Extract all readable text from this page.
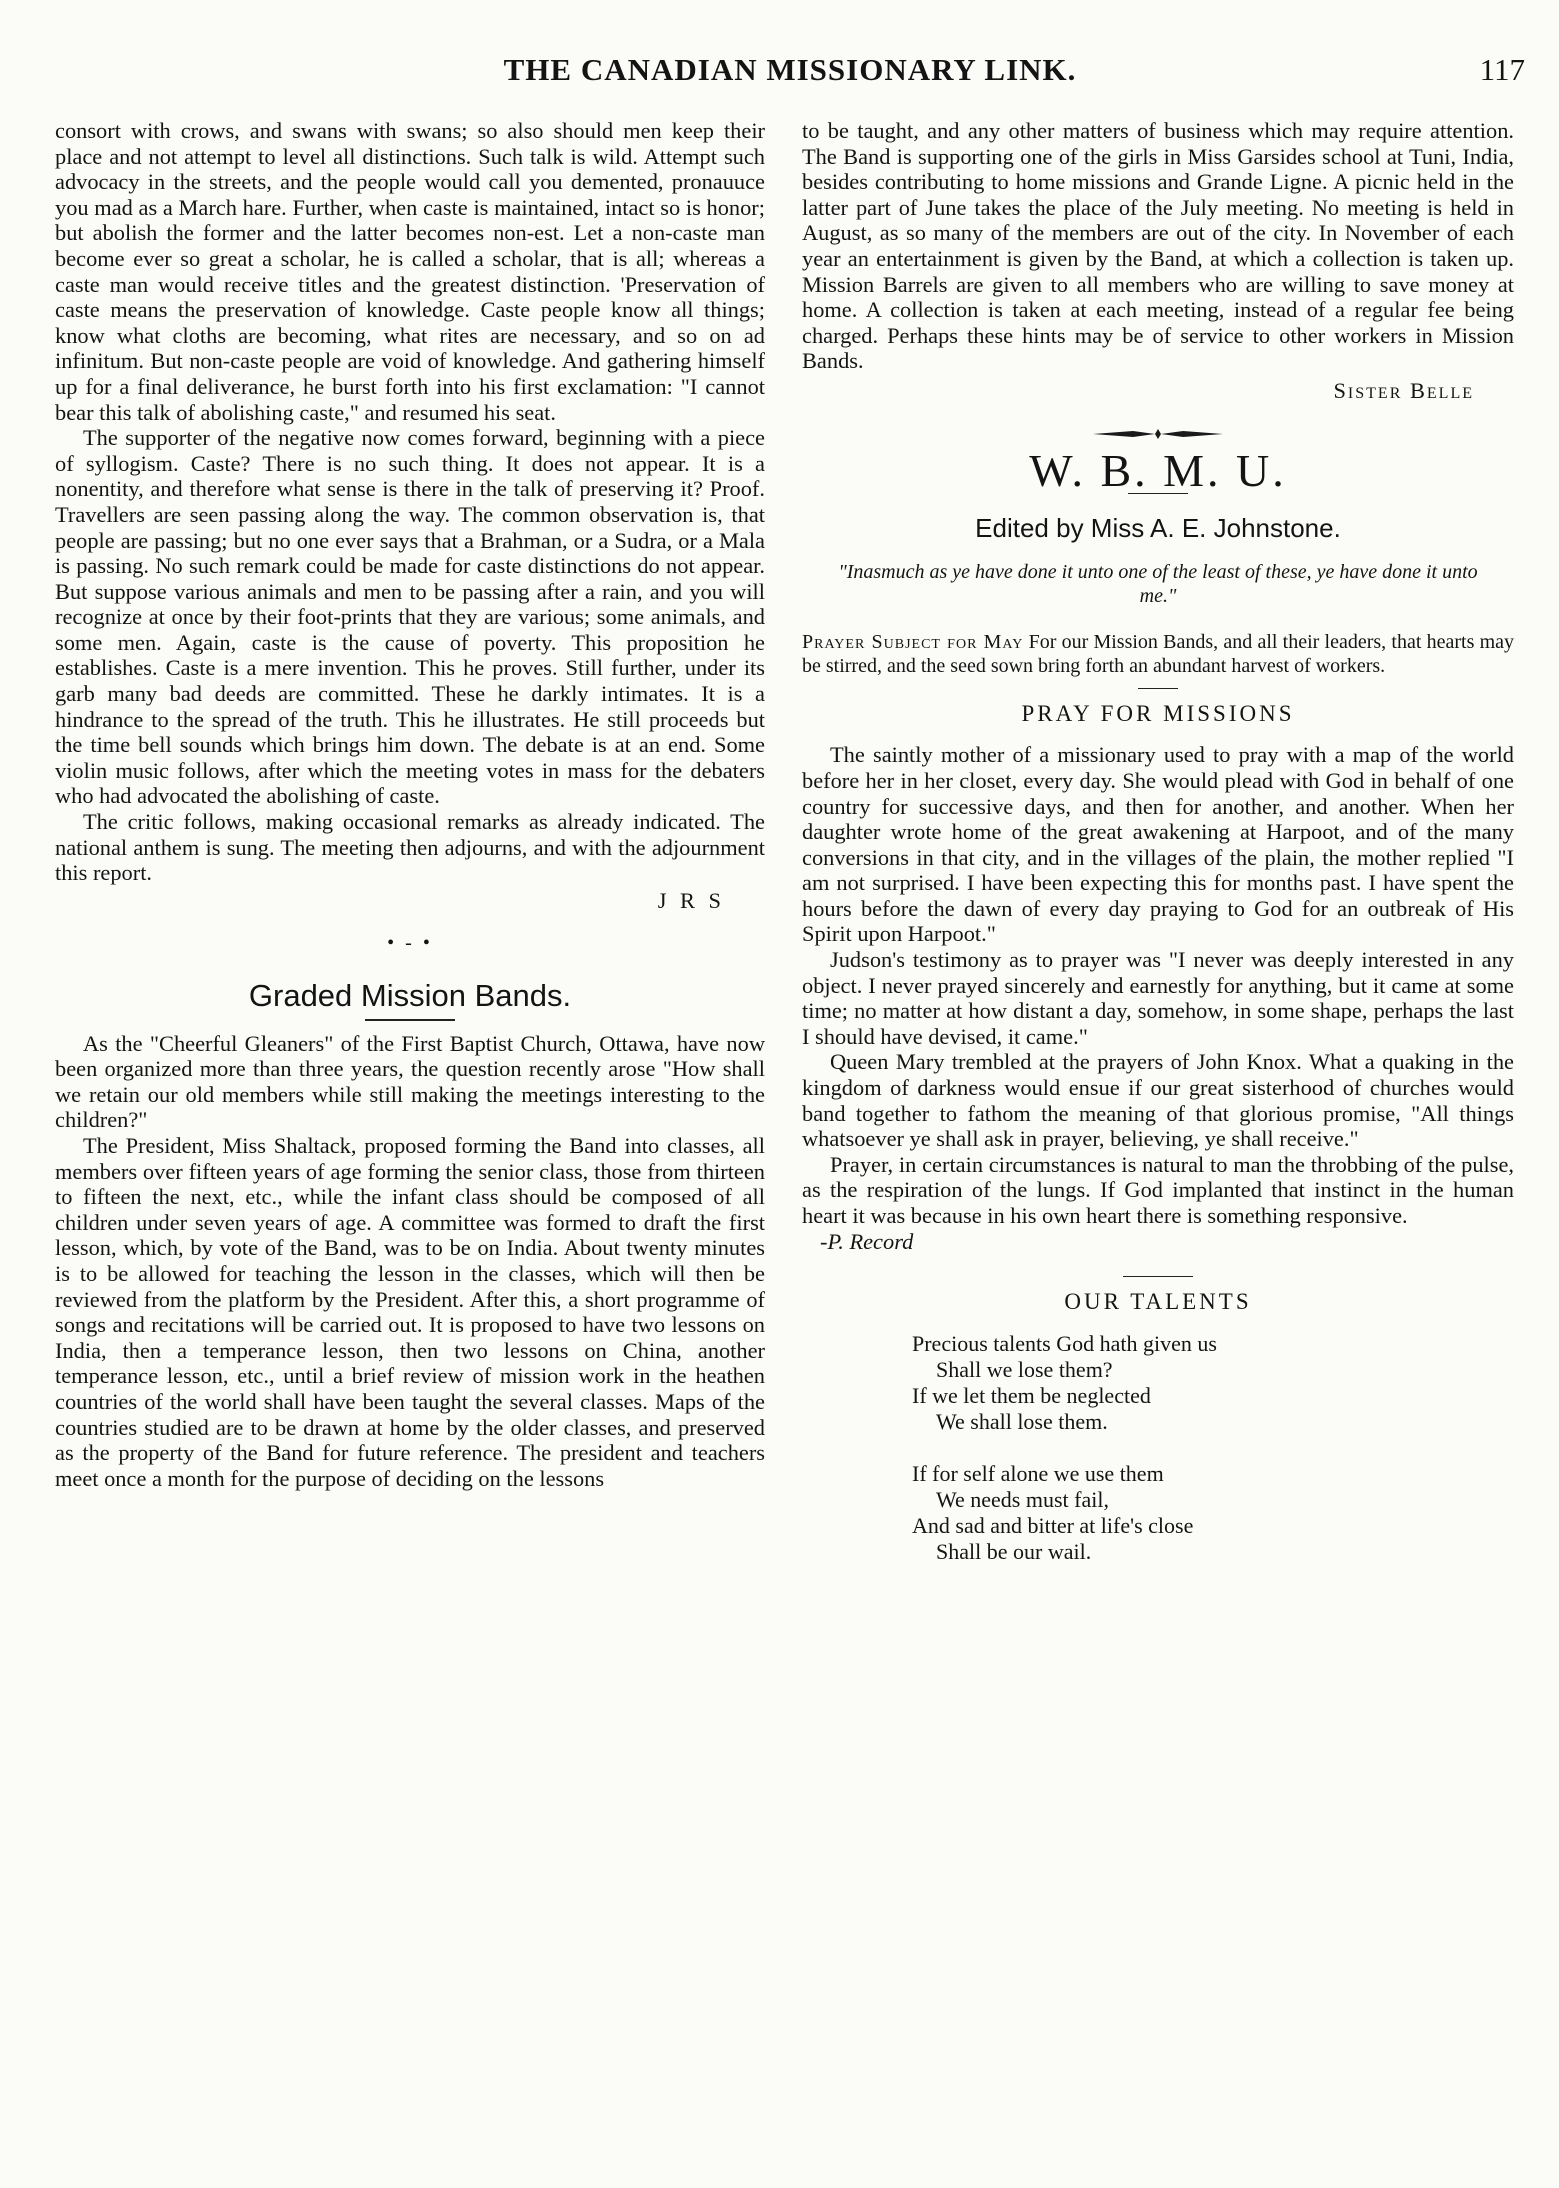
THE CANADIAN MISSIONARY LINK.	117

consort with crows, and swans with swans; so also should men keep their place and not attempt to level all distinctions. Such talk is wild. Attempt such advocacy in the streets, and the people would call you demented, pronauuce you mad as a March hare. Further, when caste is maintained, intact so is honor; but abolish the former and the latter becomes non-est. Let a non-caste man become ever so great a scholar, he is called a scholar, that is all; whereas a caste man would receive titles and the greatest distinction. 'Preservation of caste means the preservation of knowledge. Caste people know all things; know what cloths are becoming, what rites are necessary, and so on ad infinitum. But non-caste people are void of knowledge. And gathering himself up for a final deliverance, he burst forth into his first exclamation: "I cannot bear this talk of abolishing caste," and resumed his seat.

The supporter of the negative now comes forward, beginning with a piece of syllogism. Caste? There is no such thing. It does not appear. It is a nonentity, and therefore what sense is there in the talk of preserving it? Proof. Travellers are seen passing along the way. The common observation is, that people are passing; but no one ever says that a Brahman, or a Sudra, or a Mala is passing. No such remark could be made for caste distinctions do not appear. But suppose various animals and men to be passing after a rain, and you will recognize at once by their foot-prints that they are various; some animals, and some men. Again, caste is the cause of poverty. This proposition he establishes. Caste is a mere invention. This he proves. Still further, under its garb many bad deeds are committed. These he darkly intimates. It is a hindrance to the spread of the truth. This he illustrates. He still proceeds but the time bell sounds which brings him down. The debate is at an end. Some violin music follows, after which the meeting votes in mass for the debaters who had advocated the abolishing of caste.

The critic follows, making occasional remarks as already indicated. The national anthem is sung. The meeting then adjourns, and with the adjournment this report.

J R S
• - •
Graded Mission Bands.

As the "Cheerful Gleaners" of the First Baptist Church, Ottawa, have now been organized more than three years, the question recently arose "How shall we retain our old members while still making the meetings interesting to the children?"

The President, Miss Shaltack, proposed forming the Band into classes, all members over fifteen years of age forming the senior class, those from thirteen to fifteen the next, etc., while the infant class should be composed of all children under seven years of age. A committee was formed to draft the first lesson, which, by vote of the Band, was to be on India. About twenty minutes is to be allowed for teaching the lesson in the classes, which will then be reviewed from the platform by the President. After this, a short programme of songs and recitations will be carried out. It is proposed to have two lessons on India, then a temperance lesson, then two lessons on China, another temperance lesson, etc., until a brief review of mission work in the heathen countries of the world shall have been taught the several classes. Maps of the countries studied are to be drawn at home by the older classes, and preserved as the property of the Band for future reference. The president and teachers meet once a month for the purpose of deciding on the lessons

to be taught, and any other matters of business which may require attention. The Band is supporting one of the girls in Miss Garsides school at Tuni, India, besides contributing to home missions and Grande Ligne. A picnic held in the latter part of June takes the place of the July meeting. No meeting is held in August, as so many of the members are out of the city. In November of each year an entertainment is given by the Band, at which a collection is taken up. Mission Barrels are given to all members who are willing to save money at home. A collection is taken at each meeting, instead of a regular fee being charged. Perhaps these hints may be of service to other workers in Mission Bands.

Sister Belle
W. B. M. U.
Edited by Miss A. E. Johnstone.
"Inasmuch as ye have done it unto one of the least of these, ye have done it unto me."

Prayer Subject for May For our Mission Bands, and all their leaders, that hearts may be stirred, and the seed sown bring forth an abundant harvest of workers.

PRAY FOR MISSIONS

The saintly mother of a missionary used to pray with a map of the world before her in her closet, every day. She would plead with God in behalf of one country for successive days, and then for another, and another. When her daughter wrote home of the great awakening at Harpoot, and of the many conversions in that city, and in the villages of the plain, the mother replied "I am not surprised. I have been expecting this for months past. I have spent the hours before the dawn of every day praying to God for an outbreak of His Spirit upon Harpoot."

Judson's testimony as to prayer was "I never was deeply interested in any object. I never prayed sincerely and earnestly for anything, but it came at some time; no matter at how distant a day, somehow, in some shape, perhaps the last I should have devised, it came."

Queen Mary trembled at the prayers of John Knox. What a quaking in the kingdom of darkness would ensue if our great sisterhood of churches would band together to fathom the meaning of that glorious promise, "All things whatsoever ye shall ask in prayer, believing, ye shall receive."

Prayer, in certain circumstances is natural to man the throbbing of the pulse, as the respiration of the lungs. If God implanted that instinct in the human heart it was because in his own heart there is something responsive.

-P. Record

OUR TALENTS
Precious talents God hath given us
Shall we lose them?
If we let them be neglected
We shall lose them.
If for self alone we use them
We needs must fail,
And sad and bitter at life's close
Shall be our wail.
